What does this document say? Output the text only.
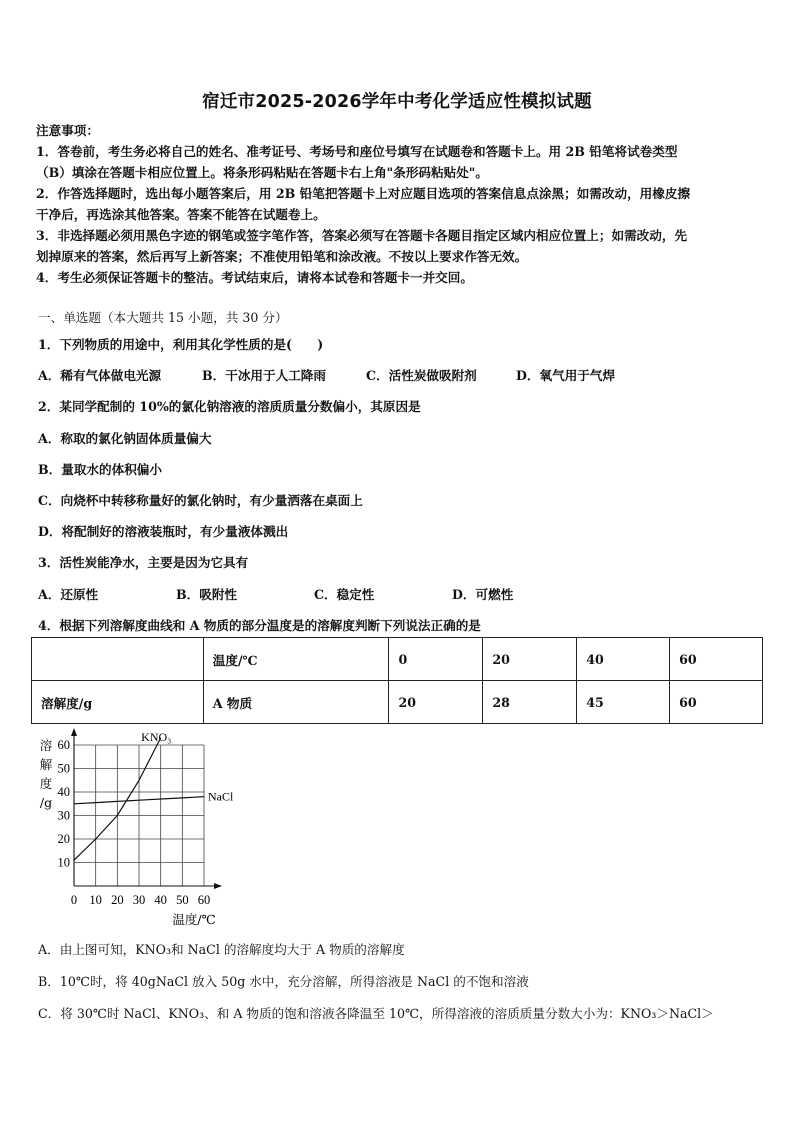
宿迁市2025-2026学年中考化学适应性模拟试题
注意事项：
1．答卷前，考生务必将自己的姓名、准考证号、考场号和座位号填写在试题卷和答题卡上。用 2B 铅笔将试卷类型
（B）填涂在答题卡相应位置上。将条形码粘贴在答题卡右上角"条形码粘贴处"。
2．作答选择题时，选出每小题答案后，用 2B 铅笔把答题卡上对应题目选项的答案信息点涂黑；如需改动，用橡皮擦
干净后，再选涂其他答案。答案不能答在试题卷上。
3．非选择题必须用黑色字迹的钢笔或签字笔作答，答案必须写在答题卡各题目指定区域内相应位置上；如需改动，先
划掉原来的答案，然后再写上新答案；不准使用铅笔和涂改液。不按以上要求作答无效。
4．考生必须保证答题卡的整洁。考试结束后，请将本试卷和答题卡一并交回。
一、单选题（本大题共 15 小题，共 30 分）
1．下列物质的用途中，利用其化学性质的是(　　)
A．稀有气体做电光源	B．干冰用于人工降雨	C．活性炭做吸附剂	D．氧气用于气焊
2．某同学配制的 10%的氯化钠溶液的溶质质量分数偏小，其原因是
A．称取的氯化钠固体质量偏大
B．量取水的体积偏小
C．向烧杯中转移称量好的氯化钠时，有少量洒落在桌面上
D．将配制好的溶液装瓶时，有少量液体溅出
3．活性炭能净水，主要是因为它具有
A．还原性	B．吸附性	C．稳定性	D．可燃性
4．根据下列溶解度曲线和 A 物质的部分温度是的溶解度判断下列说法正确的是
	温度/℃	0	20	40	60
溶解度/g	A 物质	20	28	45	60
10
20
30
40
50
60
0 10 20 30 40 50 60
KNO₃
NaCl
溶
解
度
/g
温度/℃
A．由上图可知，KNO₃和 NaCl 的溶解度均大于 A 物质的溶解度
B．10℃时，将 40gNaCl 放入 50g 水中，充分溶解，所得溶液是 NaCl 的不饱和溶液
C．将 30℃时 NaCl、KNO₃、和 A 物质的饱和溶液各降温至 10℃，所得溶液的溶质质量分数大小为：KNO₃＞NaCl＞
